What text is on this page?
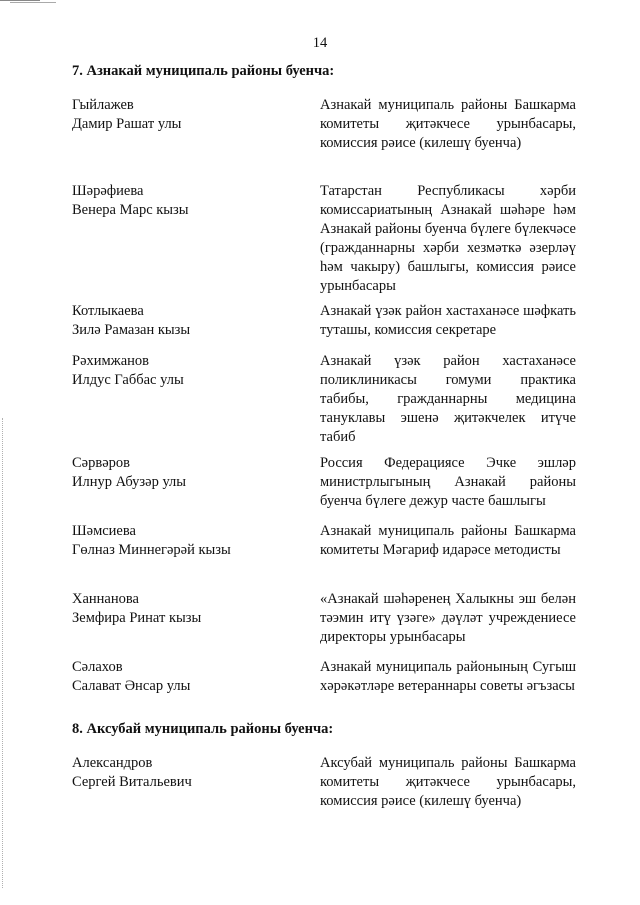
14
7. Азнакай муниципаль районы буенча:
Гыйлажев
Дамир Рашат улы
Азнакай муниципаль районы Башкарма комитеты җитәкчесе урынбасары, комиссия рәисе (килешү буенча)
Шәрәфиева
Венера Марс кызы
Татарстан Республикасы хәрби комиссариатының Азнакай шәһәре һәм Азнакай районы буенча бүлеге бүлекчәсе (гражданнарны хәрби хезмәткә әзерләү һәм чакыру) башлыгы, комиссия рәисе урынбасары
Котлыкаева
Зилә Рамазан кызы
Азнакай үзәк район хастаханәсе шәфкать туташы, комиссия секретаре
Рәхимжанов
Илдус Габбас улы
Азнакай үзәк район хастаханәсе поликлиникасы гомуми практика табибы, гражданнарны медицина тануклавы эшенә җитәкчелек итүче табиб
Сәрвәров
Илнур Абузәр улы
Россия Федерациясе Эчке эшләр министрлыгының Азнакай районы буенча бүлеге дежур часте башлыгы
Шәмсиева
Гөлназ Миннегәрәй кызы
Азнакай муниципаль районы Башкарма комитеты Мәгариф идарәсе методисты
Ханнанова
Земфира Ринат кызы
«Азнакай шәһәренең Халыкны эш белән тәэмин итү үзәге» дәүләт учреждениесе директоры урынбасары
Сәлахов
Салават Әнсар улы
Азнакай муниципаль районының Сугыш хәрәкәтләре ветераннары советы әгъзасы
8. Аксубай муниципаль районы буенча:
Александров
Сергей Витальевич
Аксубай муниципаль районы Башкарма комитеты җитәкчесе урынбасары, комиссия рәисе (килешү буенча)
